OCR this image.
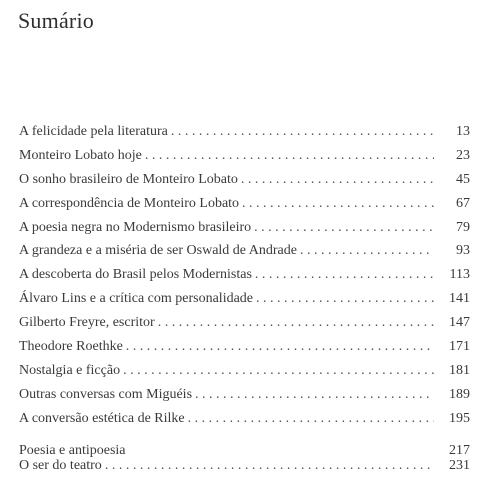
Sumário
A felicidade pela literatura . . .	13
Monteiro Lobato hoje . . .	23
O sonho brasileiro de Monteiro Lobato . . .	45
A correspondência de Monteiro Lobato . . .	67
A poesia negra no Modernismo brasileiro . . .	79
A grandeza e a miséria de ser Oswald de Andrade . . .	93
A descoberta do Brasil pelos Modernistas . . .	113
Álvaro Lins e a crítica com personalidade . . .	141
Gilberto Freyre, escritor . . .	147
Theodore Roethke . . .	171
Nostalgia e ficção . . .	181
Outras conversas com Miguéis . . .	189
A conversão estética de Rilke . . .	195
Poesia e antipoesia	217
O ser do teatro . . .	231
